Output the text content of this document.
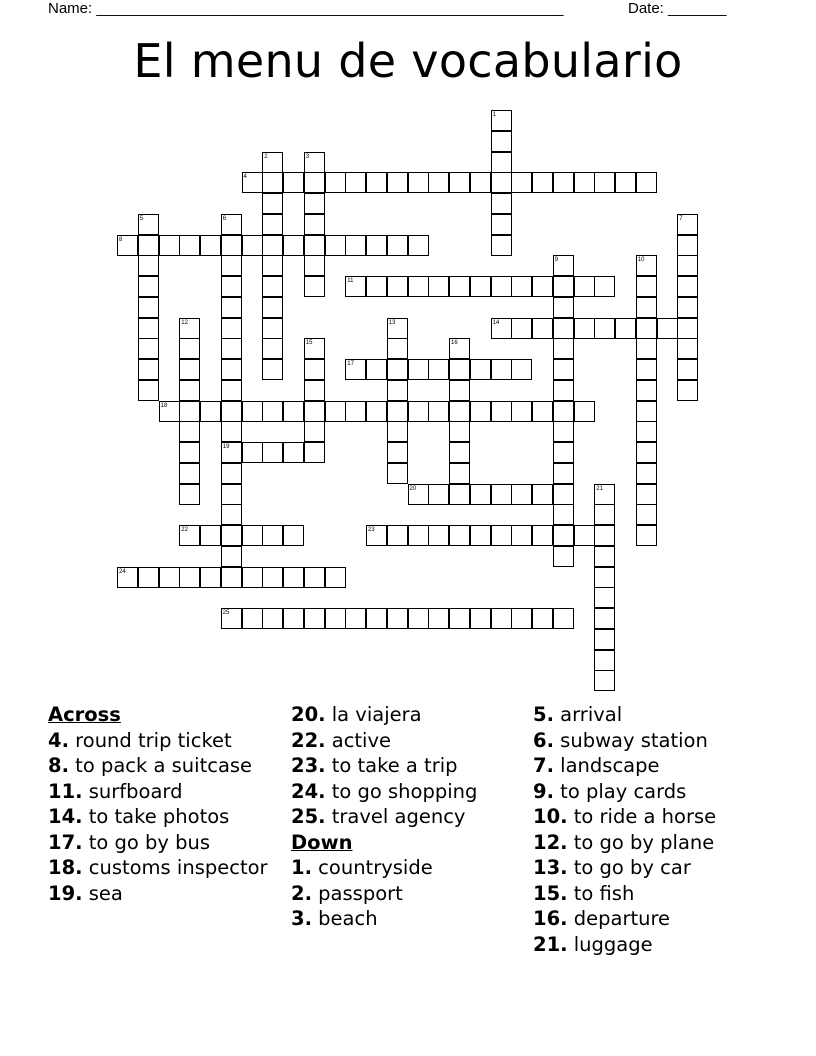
Name: ________________________________________________________	Date: _______
El menu de vocabulario
1
2	3
4
5	6	7
8
9	10
11
12	13	14
15	16
17
18
19
20	21
22	23
24
25
Across
4. round trip ticket
8. to pack a suitcase
11. surfboard
14. to take photos
17. to go by bus
18. customs inspector
19. sea
20. la viajera
22. active
23. to take a trip
24. to go shopping
25. travel agency
Down
1. countryside
2. passport
3. beach
5. arrival
6. subway station
7. landscape
9. to play cards
10. to ride a horse
12. to go by plane
13. to go by car
15. to fish
16. departure
21. luggage
